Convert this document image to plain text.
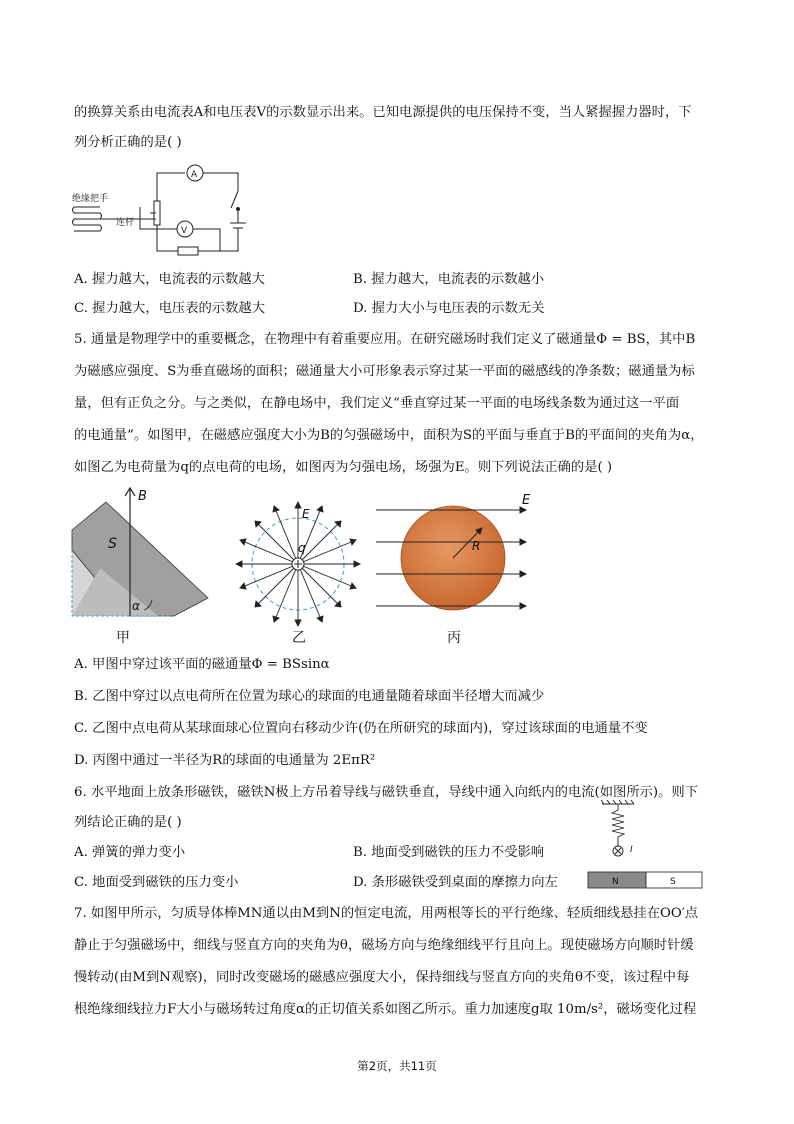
的换算关系由电流表A和电压表V的示数显示出来。已知电源提供的电压保持不变，当人紧握握力器时，下
列分析正确的是( )
绝缘把手
连杆
A
V
A. 握力越大，电流表的示数越大	B. 握力越大，电流表的示数越小
C. 握力越大，电压表的示数越大	D. 握力大小与电压表的示数无关
5. 通量是物理学中的重要概念，在物理中有着重要应用。在研究磁场时我们定义了磁通量Φ = BS，其中B
为磁感应强度、S为垂直磁场的面积；磁通量大小可形象表示穿过某一平面的磁感线的净条数；磁通量为标
量，但有正负之分。与之类似，在静电场中，我们定义“垂直穿过某一平面的电场线条数为通过这一平面
的电通量”。如图甲，在磁感应强度大小为B的匀强磁场中，面积为S的平面与垂直于B的平面间的夹角为α，
如图乙为电荷量为q的点电荷的电场，如图丙为匀强电场，场强为E。则下列说法正确的是( )
B
S
α
甲
E
q
乙
E
R
丙
A. 甲图中穿过该平面的磁通量Φ = BSsinα
B. 乙图中穿过以点电荷所在位置为球心的球面的电通量随着球面半径增大而减少
C. 乙图中点电荷从某球面球心位置向右移动少许(仍在所研究的球面内)，穿过该球面的电通量不变
D. 丙图中通过一半径为R的球面的电通量为 2EπR²
6. 水平地面上放条形磁铁，磁铁N极上方吊着导线与磁铁垂直，导线中通入向纸内的电流(如图所示)。则下
列结论正确的是( )
I
N	S
A. 弹簧的弹力变小	B. 地面受到磁铁的压力不受影响
C. 地面受到磁铁的压力变小	D. 条形磁铁受到桌面的摩擦力向左
7. 如图甲所示，匀质导体棒MN通以由M到N的恒定电流，用两根等长的平行绝缘、轻质细线悬挂在OO′点
静止于匀强磁场中，细线与竖直方向的夹角为θ，磁场方向与绝缘细线平行且向上。现使磁场方向顺时针缓
慢转动(由M到N观察)，同时改变磁场的磁感应强度大小，保持细线与竖直方向的夹角θ不变，该过程中每
根绝缘细线拉力F大小与磁场转过角度α的正切值关系如图乙所示。重力加速度g取 10m/s²，磁场变化过程
第2页，共11页
